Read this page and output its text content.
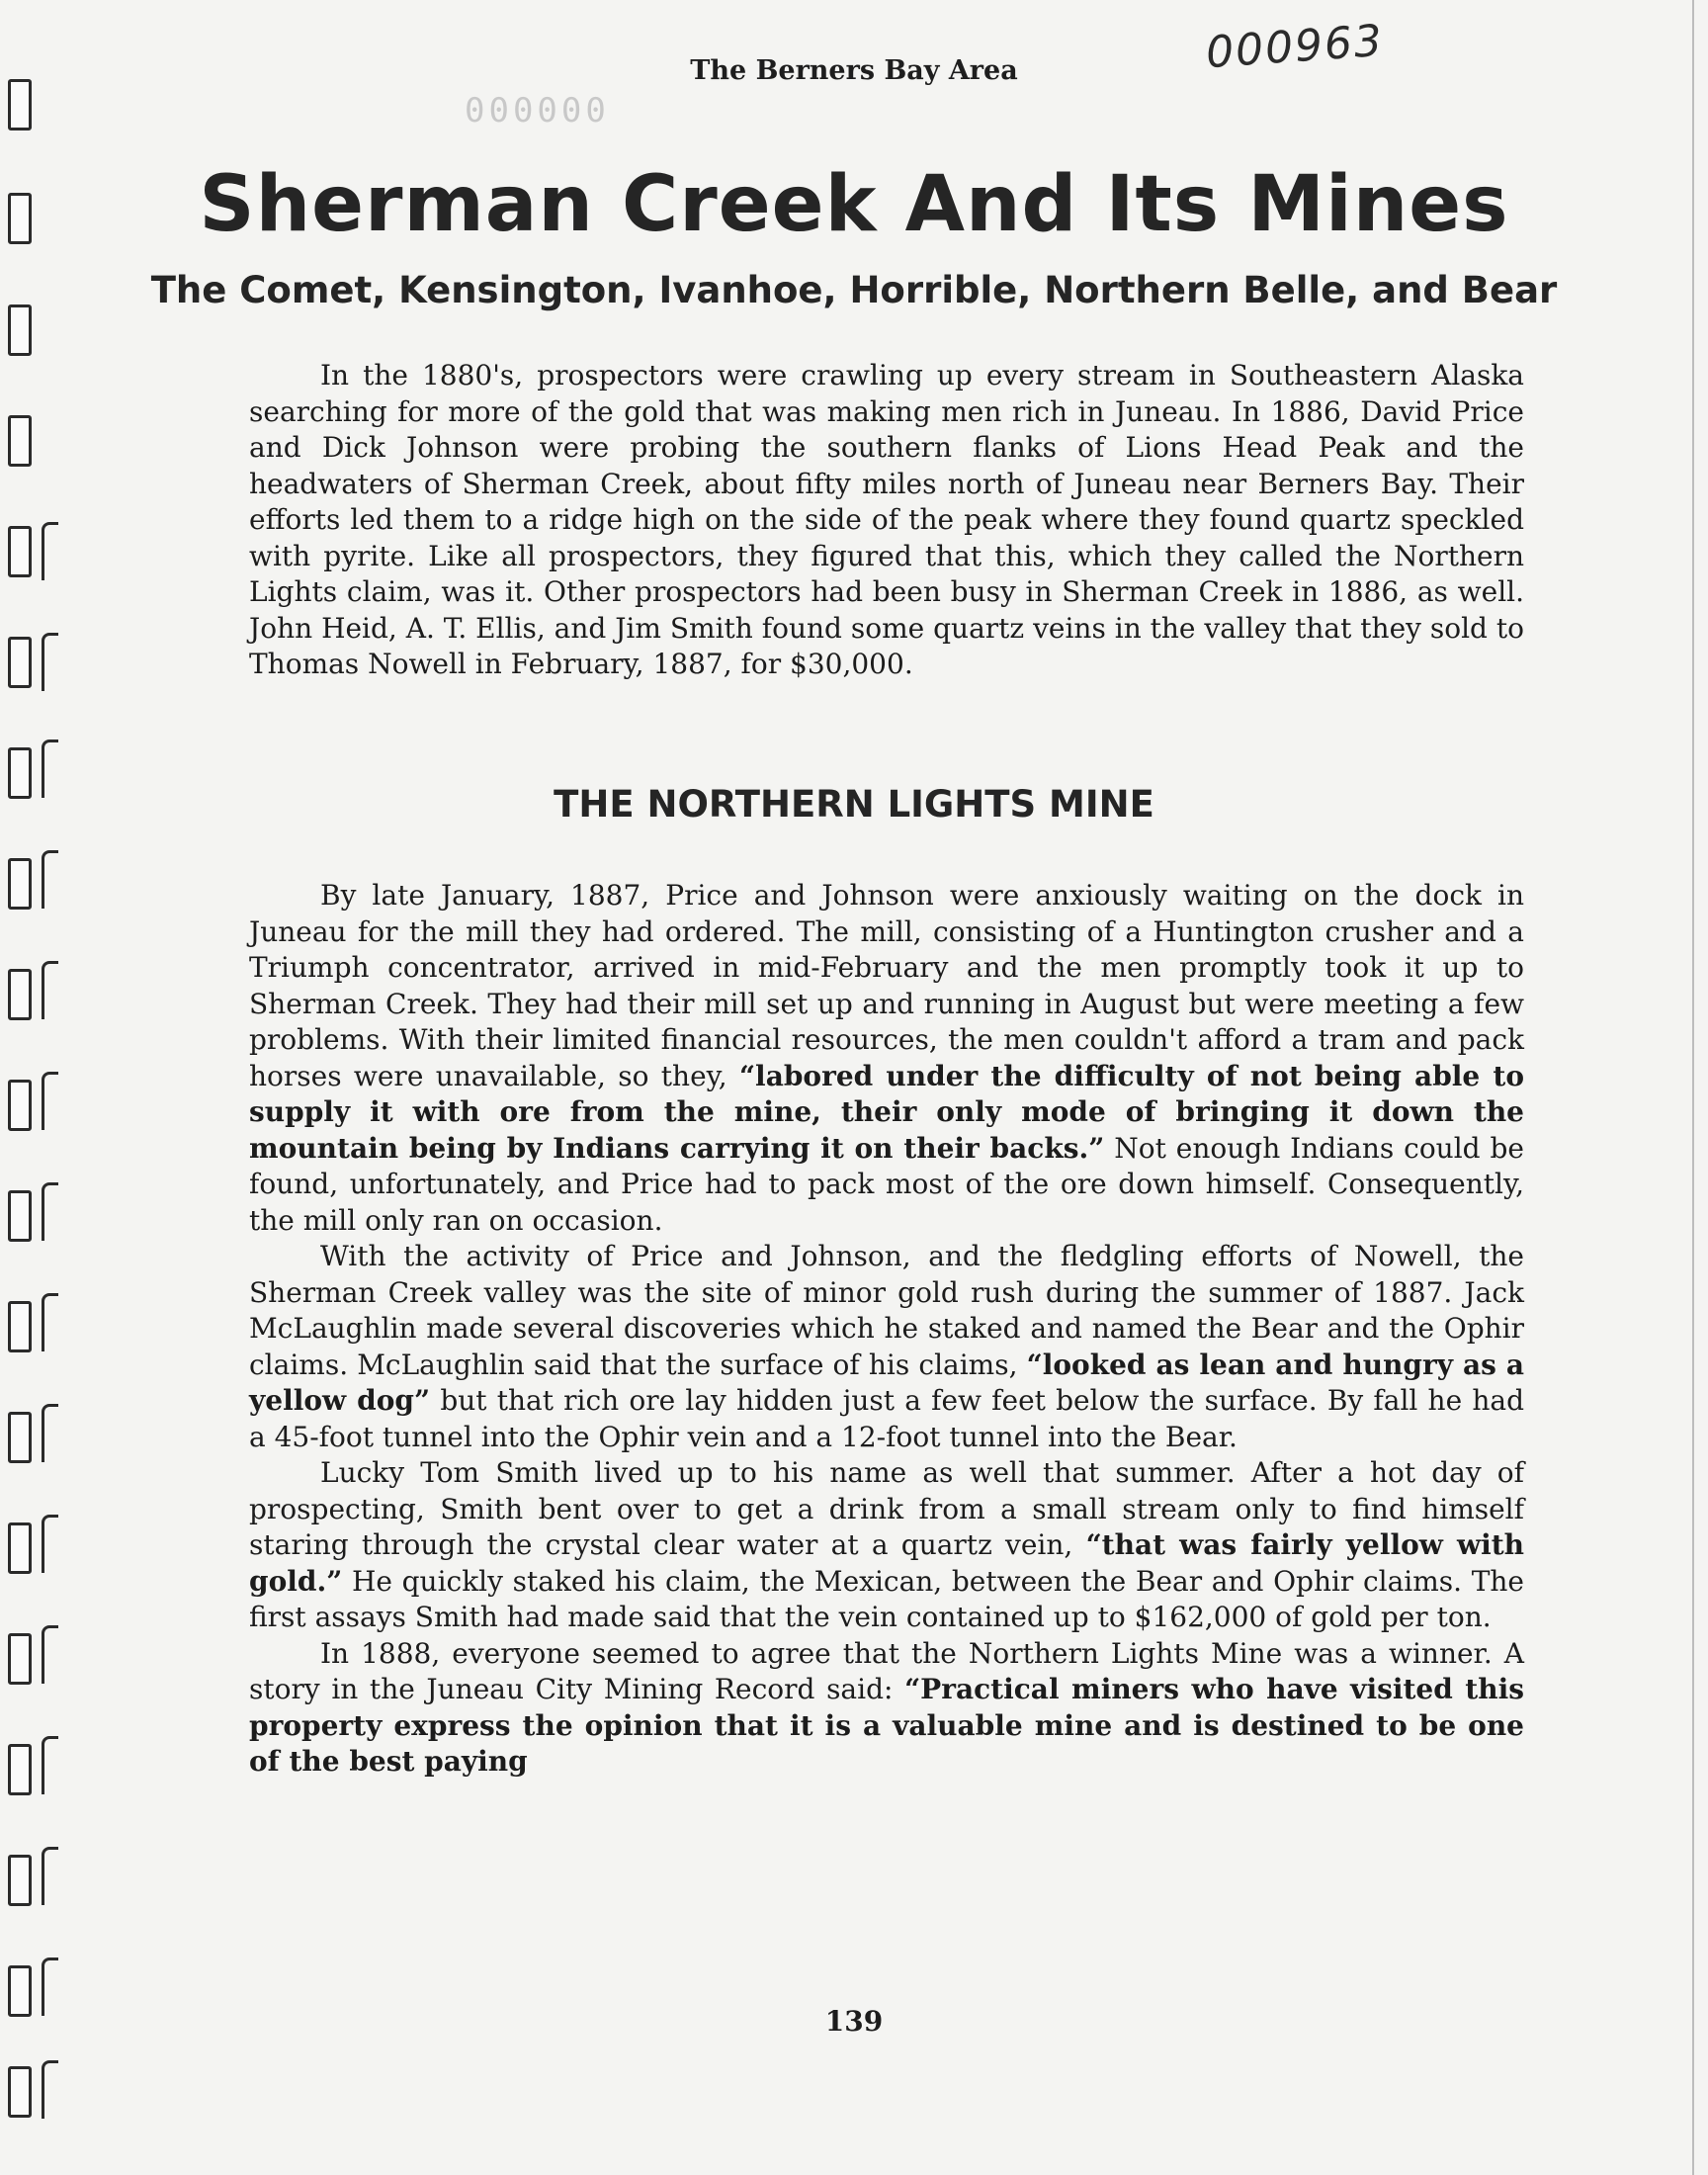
000963
000000
The Berners Bay Area
Sherman Creek And Its Mines
The Comet, Kensington, Ivanhoe, Horrible, Northern Belle, and Bear

In the 1880's, prospectors were crawling up every stream in Southeastern Alaska searching for more of the gold that was making men rich in Juneau. In 1886, David Price and Dick Johnson were probing the southern flanks of Lions Head Peak and the headwaters of Sherman Creek, about fifty miles north of Juneau near Berners Bay. Their efforts led them to a ridge high on the side of the peak where they found quartz speckled with pyrite. Like all prospectors, they figured that this, which they called the Northern Lights claim, was it. Other prospectors had been busy in Sherman Creek in 1886, as well. John Heid, A. T. Ellis, and Jim Smith found some quartz veins in the valley that they sold to Thomas Nowell in February, 1887, for $30,000.

THE NORTHERN LIGHTS MINE

By late January, 1887, Price and Johnson were anxiously waiting on the dock in Juneau for the mill they had ordered. The mill, consisting of a Huntington crusher and a Triumph concentrator, arrived in mid-February and the men promptly took it up to Sherman Creek. They had their mill set up and running in August but were meeting a few problems. With their limited financial resources, the men couldn't afford a tram and pack horses were unavailable, so they, “labored under the difficulty of not being able to supply it with ore from the mine, their only mode of bringing it down the mountain being by Indians carrying it on their backs.” Not enough Indians could be found, unfortunately, and Price had to pack most of the ore down himself. Consequently, the mill only ran on occasion.

With the activity of Price and Johnson, and the fledgling efforts of Nowell, the Sherman Creek valley was the site of minor gold rush during the summer of 1887. Jack McLaughlin made several discoveries which he staked and named the Bear and the Ophir claims. McLaughlin said that the surface of his claims, “looked as lean and hungry as a yellow dog” but that rich ore lay hidden just a few feet below the surface. By fall he had a 45-foot tunnel into the Ophir vein and a 12-foot tunnel into the Bear.

Lucky Tom Smith lived up to his name as well that summer. After a hot day of prospecting, Smith bent over to get a drink from a small stream only to find himself staring through the crystal clear water at a quartz vein, “that was fairly yellow with gold.” He quickly staked his claim, the Mexican, between the Bear and Ophir claims. The first assays Smith had made said that the vein contained up to $162,000 of gold per ton.

In 1888, everyone seemed to agree that the Northern Lights Mine was a winner. A story in the Juneau City Mining Record said: “Practical miners who have visited this property express the opinion that it is a valuable mine and is destined to be one of the best paying

139
